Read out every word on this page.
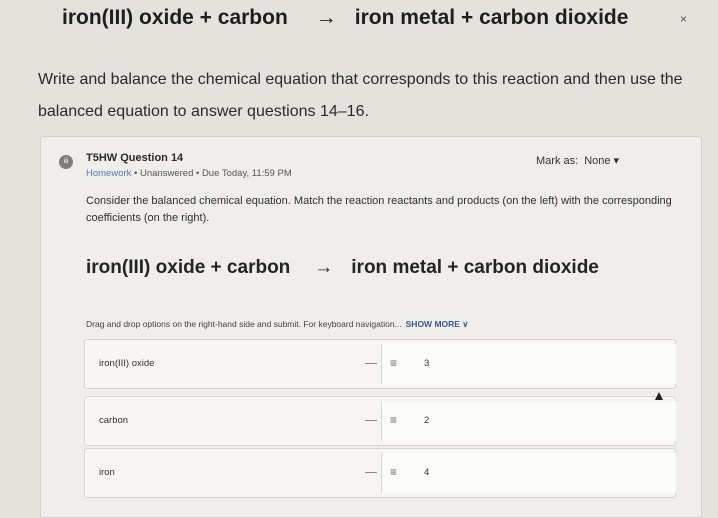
iron(III) oxide + carbon → iron metal + carbon dioxide	×
Write and balance the chemical equation that corresponds to this reaction and then use the balanced equation to answer questions 14–16.
iii	T5HW Question 14
Homework • Unanswered • Due Today, 11:59 PM
Mark as: None ▾
Consider the balanced chemical equation. Match the reaction reactants and products (on the left) with the corresponding coefficients (on the right).
iron(III) oxide + carbon → iron metal + carbon dioxide
Drag and drop options on the right-hand side and submit. For keyboard navigation... SHOW MORE ∨
iron(III) oxide	≡	3
carbon	≡	2
iron	≡	4
